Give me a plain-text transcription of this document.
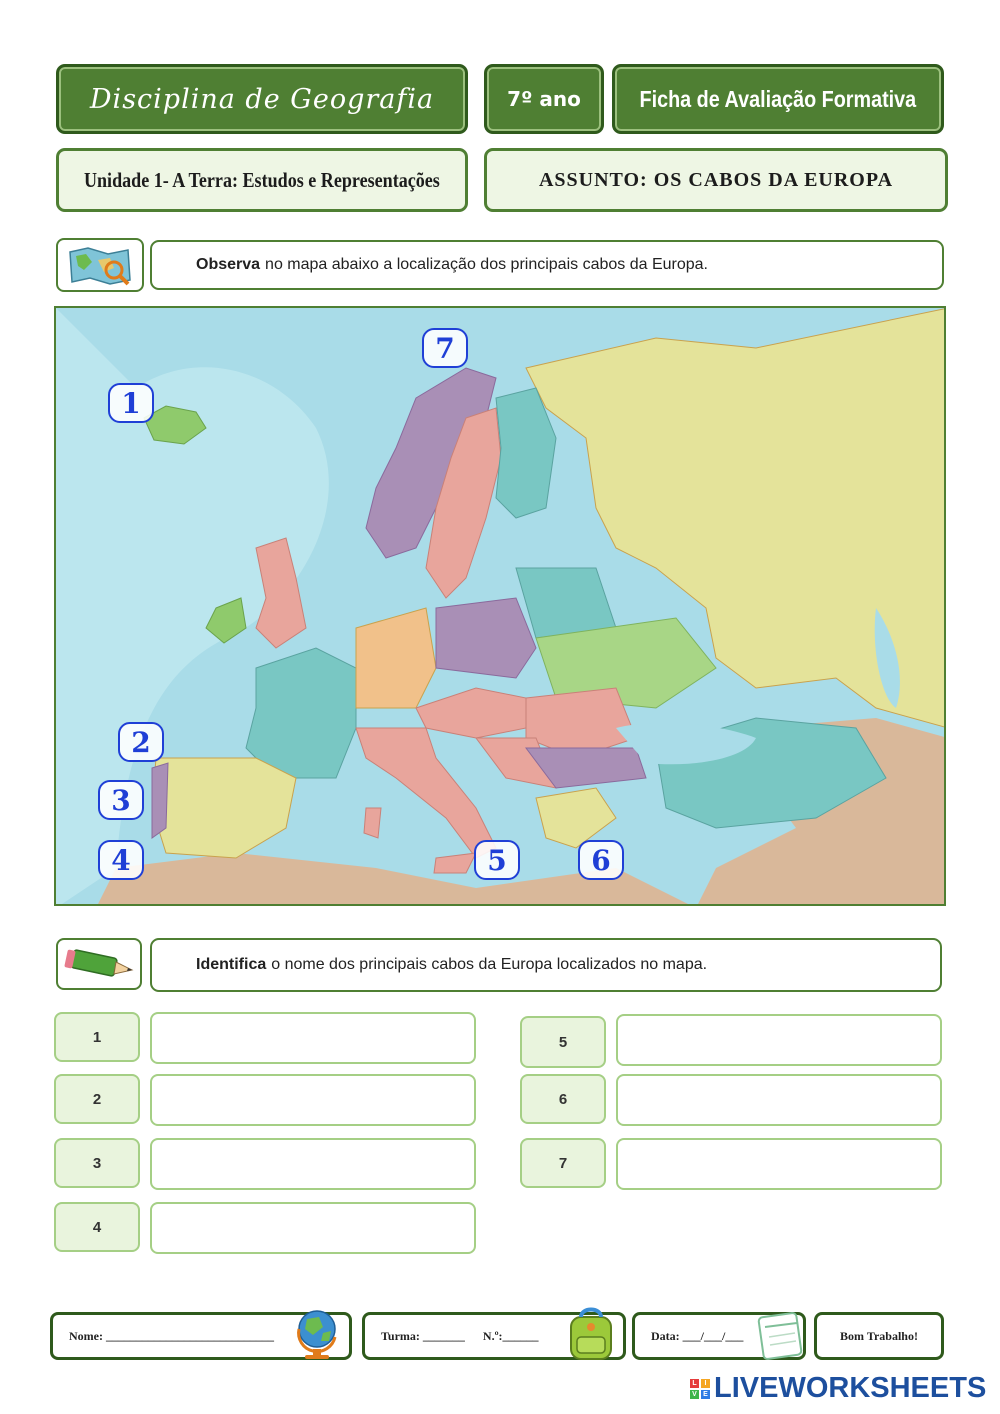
Disciplina de Geografia	7º ano	Ficha de Avaliação Formativa
Unidade 1- A Terra: Estudos e Representações	ASSUNTO: OS CABOS DA EUROPA
Observa no mapa abaixo a localização dos principais cabos da Europa.
1
2
3
4	5	6
7
Identifica o nome dos principais cabos da Europa localizados no mapa.
1
2
3
4
5
6
7
Nome: ____________________________	Turma: _______ N.º:______	Data: ___/___/___	Bom Trabalho!
L	I
V E LIVEWORKSHEETS
